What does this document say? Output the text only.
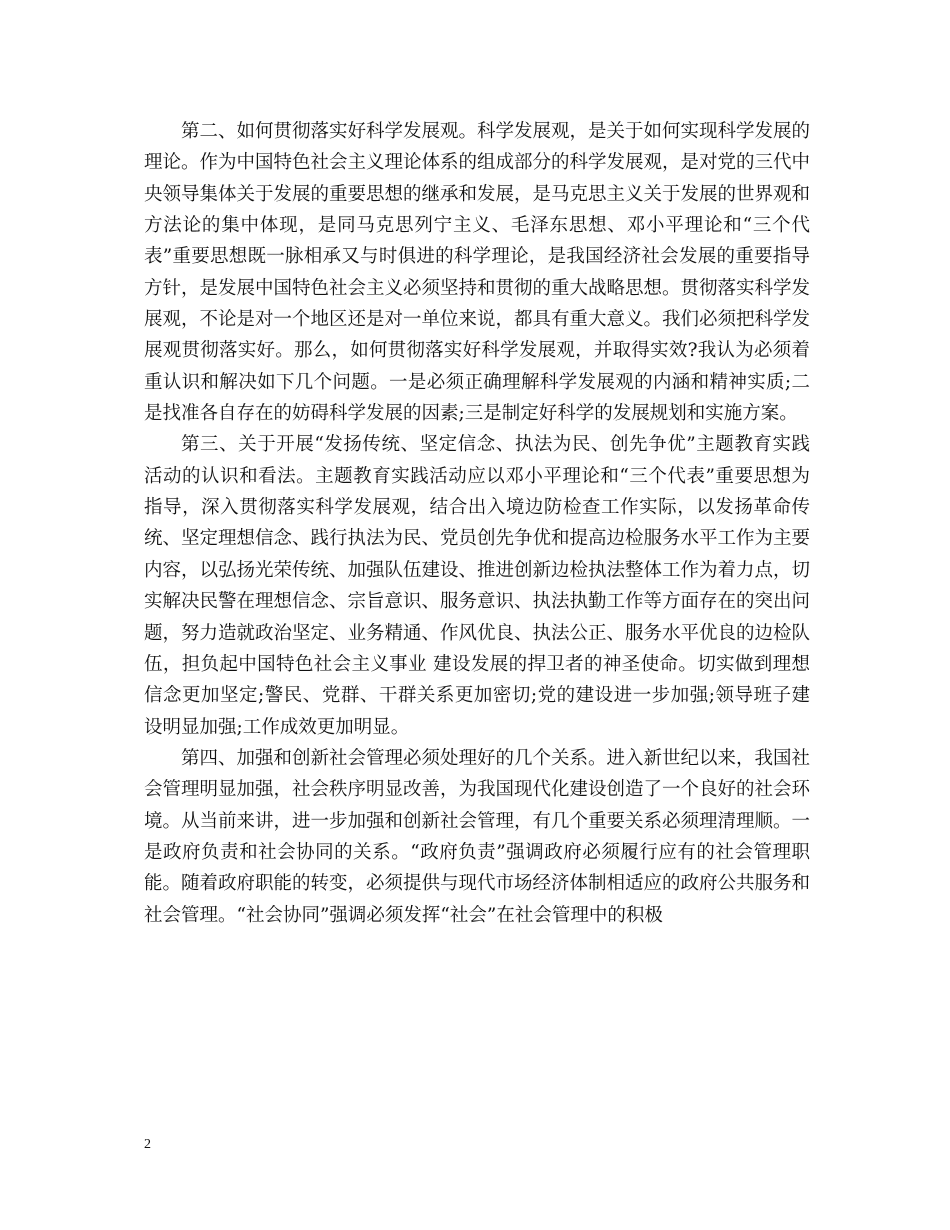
第二、如何贯彻落实好科学发展观。科学发展观，是关于如何实现科学发展的理论。作为中国特色社会主义理论体系的组成部分的科学发展观，是对党的三代中央领导集体关于发展的重要思想的继承和发展，是马克思主义关于发展的世界观和方法论的集中体现，是同马克思列宁主义、毛泽东思想、邓小平理论和“三个代表”重要思想既一脉相承又与时俱进的科学理论，是我国经济社会发展的重要指导方针，是发展中国特色社会主义必须坚持和贯彻的重大战略思想。贯彻落实科学发展观，不论是对一个地区还是对一单位来说，都具有重大意义。我们必须把科学发展观贯彻落实好。那么，如何贯彻落实好科学发展观，并取得实效?我认为必须着重认识和解决如下几个问题。一是必须正确理解科学发展观的内涵和精神实质;二是找准各自存在的妨碍科学发展的因素;三是制定好科学的发展规划和实施方案。

第三、关于开展“发扬传统、坚定信念、执法为民、创先争优”主题教育实践活动的认识和看法。主题教育实践活动应以邓小平理论和“三个代表”重要思想为指导，深入贯彻落实科学发展观，结合出入境边防检查工作实际，以发扬革命传统、坚定理想信念、践行执法为民、党员创先争优和提高边检服务水平工作为主要内容，以弘扬光荣传统、加强队伍建设、推进创新边检执法整体工作为着力点，切实解决民警在理想信念、宗旨意识、服务意识、执法执勤工作等方面存在的突出问题，努力造就政治坚定、业务精通、作风优良、执法公正、服务水平优良的边检队伍，担负起中国特色社会主义事业 建设发展的捍卫者的神圣使命。切实做到理想信念更加坚定;警民、党群、干群关系更加密切;党的建设进一步加强;领导班子建设明显加强;工作成效更加明显。

第四、加强和创新社会管理必须处理好的几个关系。进入新世纪以来，我国社会管理明显加强，社会秩序明显改善，为我国现代化建设创造了一个良好的社会环境。从当前来讲，进一步加强和创新社会管理，有几个重要关系必须理清理顺。一是政府负责和社会协同的关系。“政府负责”强调政府必须履行应有的社会管理职能。随着政府职能的转变，必须提供与现代市场经济体制相适应的政府公共服务和社会管理。“社会协同”强调必须发挥“社会”在社会管理中的积极

2
